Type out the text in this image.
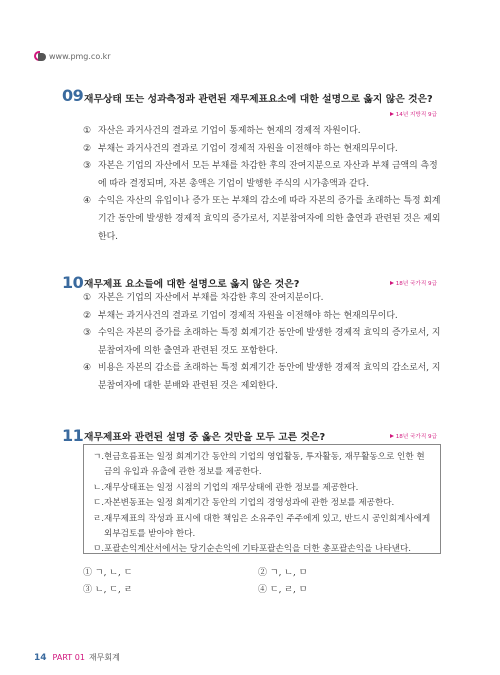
www.pmg.co.kr
09 재무상태 또는 성과측정과 관련된 재무제표요소에 대한 설명으로 옳지 않은 것은?
14년 지방직 9급
① 자산은 과거사건의 결과로 기업이 통제하는 현재의 경제적 자원이다.
② 부채는 과거사건의 결과로 기업이 경제적 자원을 이전해야 하는 현재의무이다.
③ 자본은 기업의 자산에서 모든 부채를 차감한 후의 잔여지분으로 자산과 부채 금액의 측정에 따라 결정되며, 자본 총액은 기업이 발행한 주식의 시가총액과 같다.
④ 수익은 자산의 유입이나 증가 또는 부채의 감소에 따라 자본의 증가를 초래하는 특정 회계기간 동안에 발생한 경제적 효익의 증가로서, 지분참여자에 의한 출연과 관련된 것은 제외한다.
10 재무제표 요소들에 대한 설명으로 옳지 않은 것은?	18년 국가직 9급
① 자본은 기업의 자산에서 부채를 차감한 후의 잔여지분이다.
② 부채는 과거사건의 결과로 기업이 경제적 자원을 이전해야 하는 현재의무이다.
③ 수익은 자본의 증가를 초래하는 특정 회계기간 동안에 발생한 경제적 효익의 증가로서, 지분참여자에 의한 출연과 관련된 것도 포함한다.
④ 비용은 자본의 감소를 초래하는 특정 회계기간 동안에 발생한 경제적 효익의 감소로서, 지분참여자에 대한 분배와 관련된 것은 제외한다.
11 재무제표와 관련된 설명 중 옳은 것만을 모두 고른 것은?	18년 국가직 9급
ㄱ. 현금흐름표는 일정 회계기간 동안의 기업의 영업활동, 투자활동, 재무활동으로 인한 현금의 유입과 유출에 관한 정보를 제공한다.
ㄴ. 재무상태표는 일정 시점의 기업의 재무상태에 관한 정보를 제공한다.
ㄷ. 자본변동표는 일정 회계기간 동안의 기업의 경영성과에 관한 정보를 제공한다.
ㄹ. 재무제표의 작성과 표시에 대한 책임은 소유주인 주주에게 있고, 반드시 공인회계사에게 외부검토를 받아야 한다.
ㅁ. 포괄손익계산서에서는 당기순손익에 기타포괄손익을 더한 총포괄손익을 나타낸다.
① ㄱ, ㄴ, ㄷ	② ㄱ, ㄴ, ㅁ
③ ㄴ, ㄷ, ㄹ	④ ㄷ, ㄹ, ㅁ
14 PART 01 재무회계
